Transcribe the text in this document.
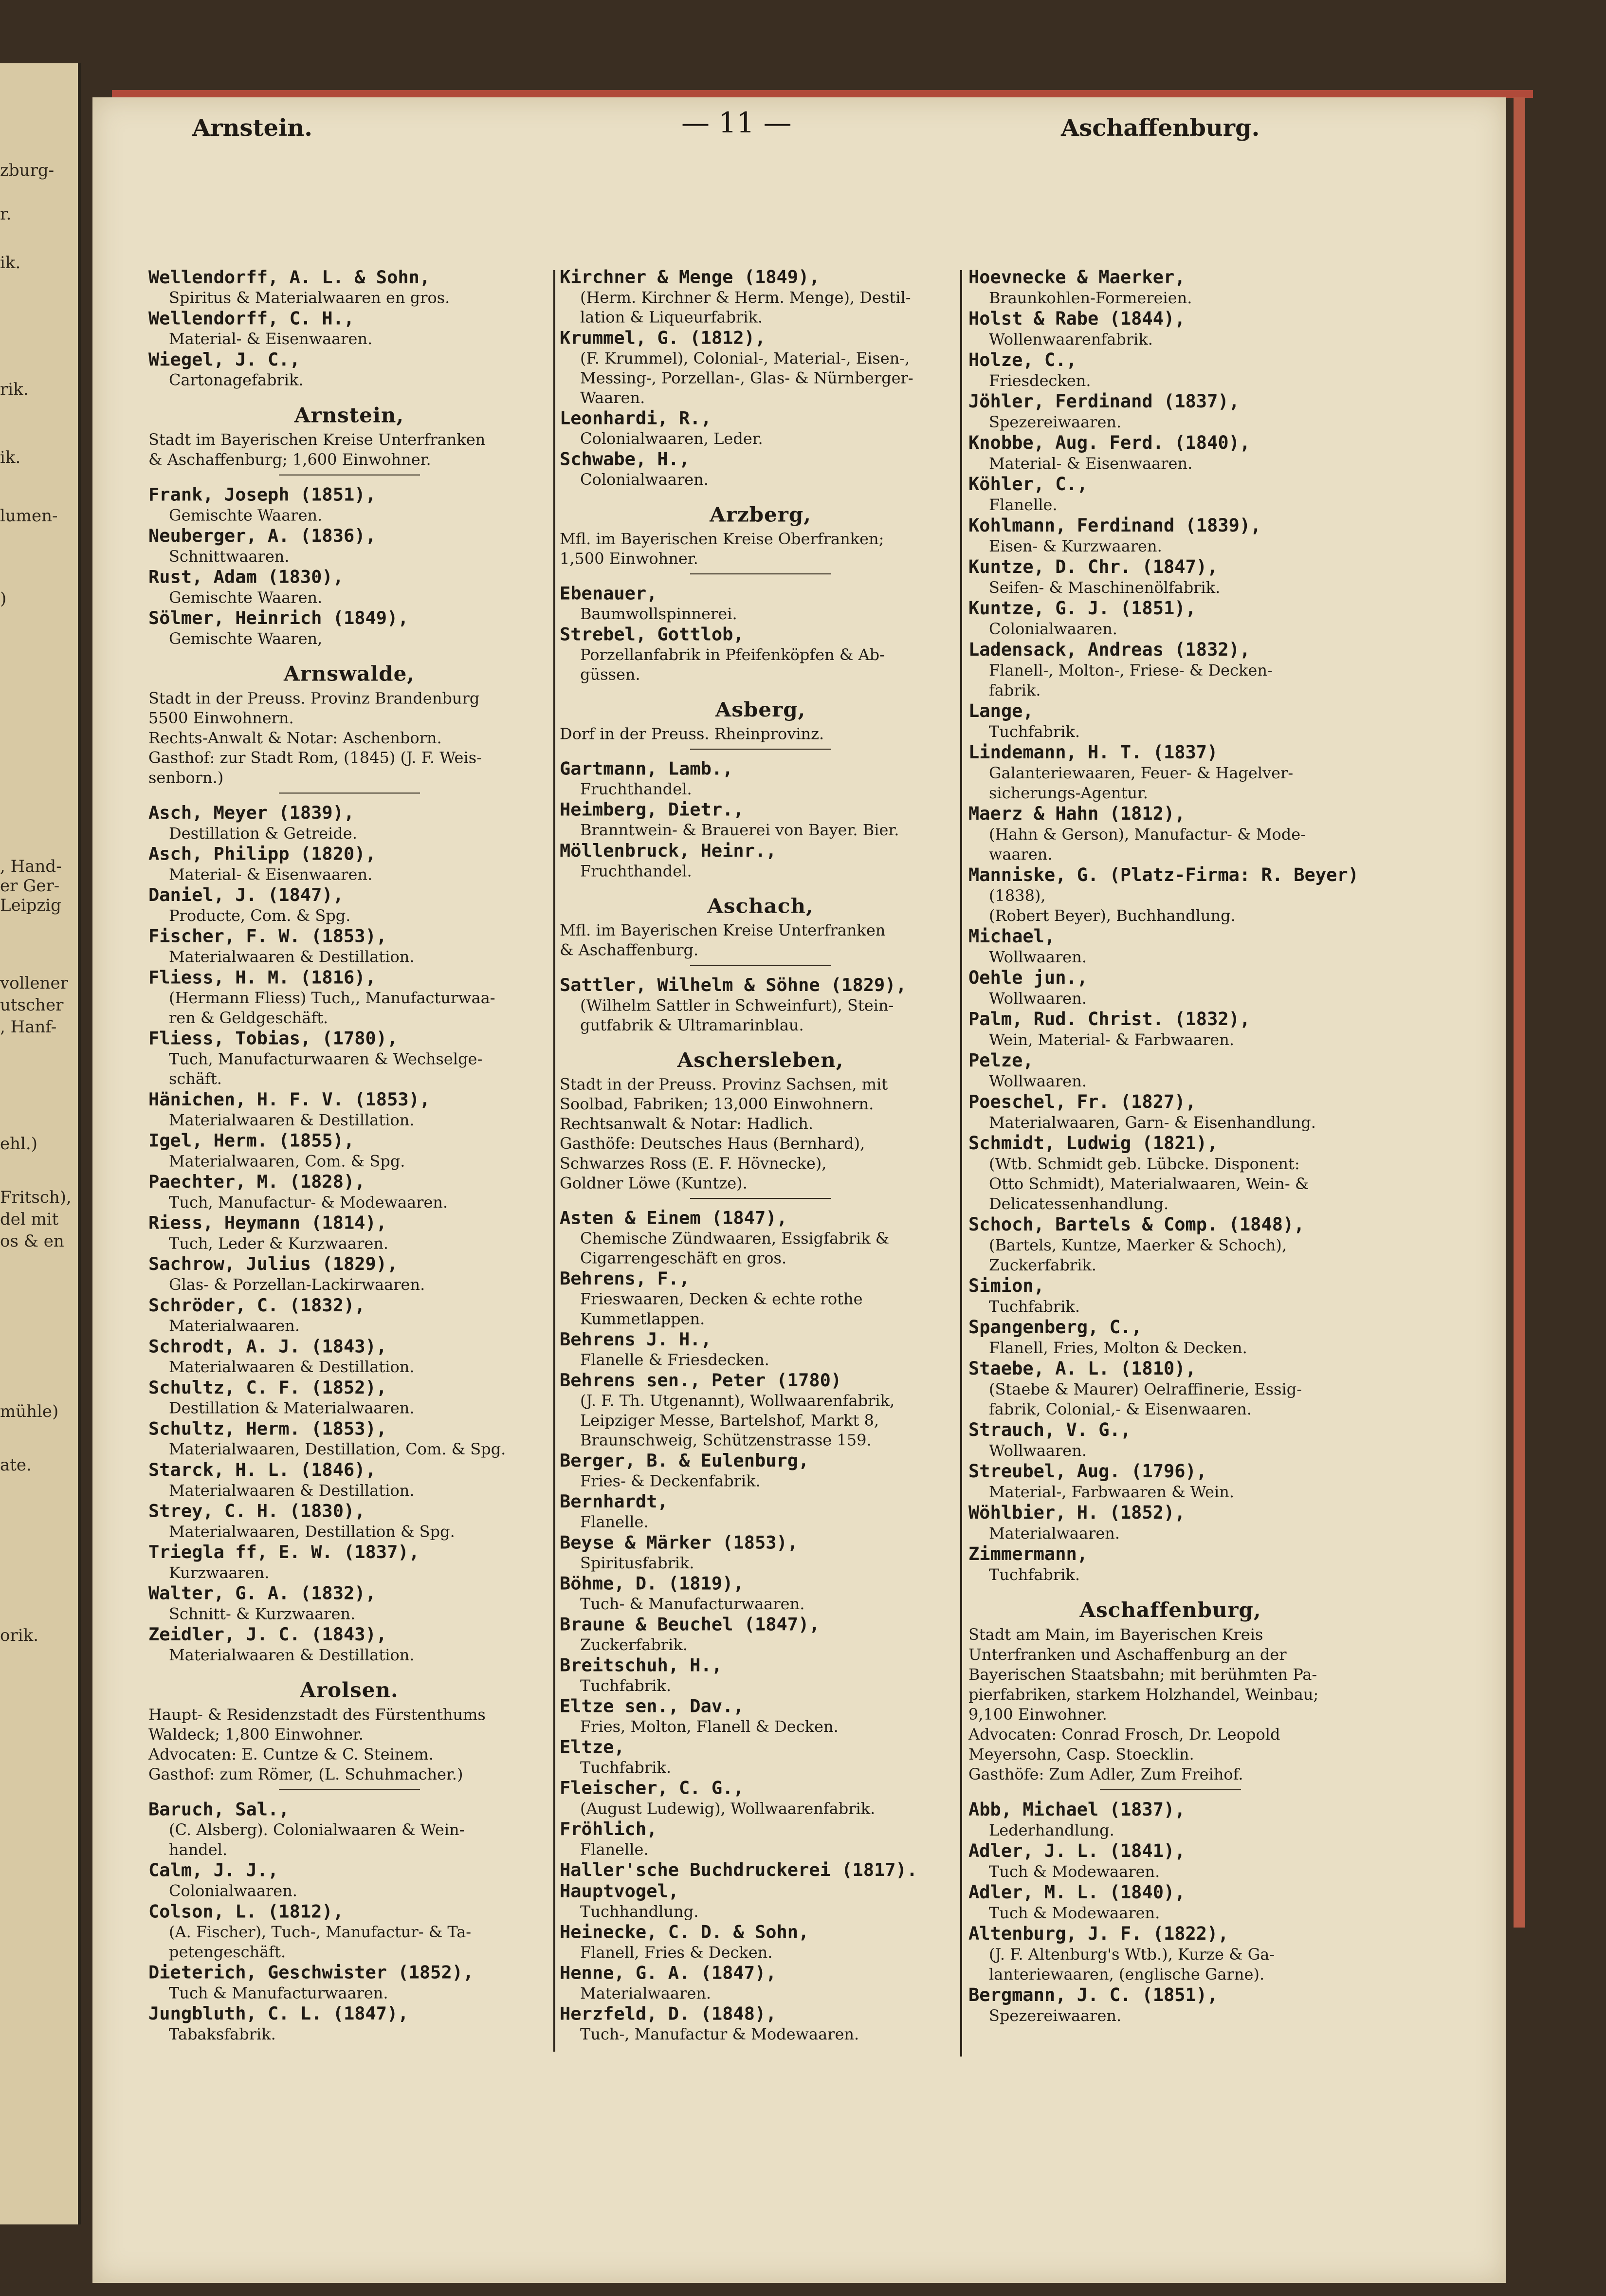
zburg-
r.
ik.
rik.
ik.
lumen-
)
, Hand-
er Ger-
Leipzig
vollener
utscher
, Hanf-
ehl.)
Fritsch),
del mit
os & en
mühle)
ate.
orik.
Arnstein.	— 11 —	Aschaffenburg.
Wellendorff, A. L. & Sohn,
Spiritus & Materialwaaren en gros.
Wellendorff, C. H.,
Material- & Eisenwaaren.
Wiegel, J. C.,
Cartonagefabrik.
Arnstein,
Stadt im Bayerischen Kreise Unterfranken
& Aschaffenburg; 1,600 Einwohner.
Frank, Joseph (1851),
Gemischte Waaren.
Neuberger, A. (1836),
Schnittwaaren.
Rust, Adam (1830),
Gemischte Waaren.
Sölmer, Heinrich (1849),
Gemischte Waaren,
Arnswalde,
Stadt in der Preuss. Provinz Brandenburg
5500 Einwohnern.
Rechts-Anwalt & Notar: Aschenborn.
Gasthof: zur Stadt Rom, (1845) (J. F. Weis-
senborn.)
Asch, Meyer (1839),
Destillation & Getreide.
Asch, Philipp (1820),
Material- & Eisenwaaren.
Daniel, J. (1847),
Producte, Com. & Spg.
Fischer, F. W. (1853),
Materialwaaren & Destillation.
Fliess, H. M. (1816),
(Hermann Fliess) Tuch,, Manufacturwaa-
ren & Geldgeschäft.
Fliess, Tobias, (1780),
Tuch, Manufacturwaaren & Wechselge-
schäft.
Hänichen, H. F. V. (1853),
Materialwaaren & Destillation.
Igel, Herm. (1855),
Materialwaaren, Com. & Spg.
Paechter, M. (1828),
Tuch, Manufactur- & Modewaaren.
Riess, Heymann (1814),
Tuch, Leder & Kurzwaaren.
Sachrow, Julius (1829),
Glas- & Porzellan-Lackirwaaren.
Schröder, C. (1832),
Materialwaaren.
Schrodt, A. J. (1843),
Materialwaaren & Destillation.
Schultz, C. F. (1852),
Destillation & Materialwaaren.
Schultz, Herm. (1853),
Materialwaaren, Destillation, Com. & Spg.
Starck, H. L. (1846),
Materialwaaren & Destillation.
Strey, C. H. (1830),
Materialwaaren, Destillation & Spg.
Triegla ff, E. W. (1837),
Kurzwaaren.
Walter, G. A. (1832),
Schnitt- & Kurzwaaren.
Zeidler, J. C. (1843),
Materialwaaren & Destillation.
Arolsen.
Haupt- & Residenzstadt des Fürstenthums
Waldeck; 1,800 Einwohner.
Advocaten: E. Cuntze & C. Steinem.
Gasthof: zum Römer, (L. Schuhmacher.)
Baruch, Sal.,
(C. Alsberg). Colonialwaaren & Wein-
handel.
Calm, J. J.,
Colonialwaaren.
Colson, L. (1812),
(A. Fischer), Tuch-, Manufactur- & Ta-
petengeschäft.
Dieterich, Geschwister (1852),
Tuch & Manufacturwaaren.
Jungbluth, C. L. (1847),
Tabaksfabrik.
Kirchner & Menge (1849),
(Herm. Kirchner & Herm. Menge), Destil-
lation & Liqueurfabrik.
Krummel, G. (1812),
(F. Krummel), Colonial-, Material-, Eisen-,
Messing-, Porzellan-, Glas- & Nürnberger-
Waaren.
Leonhardi, R.,
Colonialwaaren, Leder.
Schwabe, H.,
Colonialwaaren.
Arzberg,
Mfl. im Bayerischen Kreise Oberfranken;
1,500 Einwohner.
Ebenauer,
Baumwollspinnerei.
Strebel, Gottlob,
Porzellanfabrik in Pfeifenköpfen & Ab-
güssen.
Asberg,
Dorf in der Preuss. Rheinprovinz.
Gartmann, Lamb.,
Fruchthandel.
Heimberg, Dietr.,
Branntwein- & Brauerei von Bayer. Bier.
Möllenbruck, Heinr.,
Fruchthandel.
Aschach,
Mfl. im Bayerischen Kreise Unterfranken
& Aschaffenburg.
Sattler, Wilhelm & Söhne (1829),
(Wilhelm Sattler in Schweinfurt), Stein-
gutfabrik & Ultramarinblau.
Aschersleben,
Stadt in der Preuss. Provinz Sachsen, mit
Soolbad, Fabriken; 13,000 Einwohnern.
Rechtsanwalt & Notar: Hadlich.
Gasthöfe: Deutsches Haus (Bernhard),
Schwarzes Ross (E. F. Hövnecke),
Goldner Löwe (Kuntze).
Asten & Einem (1847),
Chemische Zündwaaren, Essigfabrik &
Cigarrengeschäft en gros.
Behrens, F.,
Frieswaaren, Decken & echte rothe
Kummetlappen.
Behrens J. H.,
Flanelle & Friesdecken.
Behrens sen., Peter (1780)
(J. F. Th. Utgenannt), Wollwaarenfabrik,
Leipziger Messe, Bartelshof, Markt 8,
Braunschweig, Schützenstrasse 159.
Berger, B. & Eulenburg,
Fries- & Deckenfabrik.
Bernhardt,
Flanelle.
Beyse & Märker (1853),
Spiritusfabrik.
Böhme, D. (1819),
Tuch- & Manufacturwaaren.
Braune & Beuchel (1847),
Zuckerfabrik.
Breitschuh, H.,
Tuchfabrik.
Eltze sen., Dav.,
Fries, Molton, Flanell & Decken.
Eltze,
Tuchfabrik.
Fleischer, C. G.,
(August Ludewig), Wollwaarenfabrik.
Fröhlich,
Flanelle.
Haller'sche Buchdruckerei (1817).
Hauptvogel,
Tuchhandlung.
Heinecke, C. D. & Sohn,
Flanell, Fries & Decken.
Henne, G. A. (1847),
Materialwaaren.
Herzfeld, D. (1848),
Tuch-, Manufactur & Modewaaren.
Hoevnecke & Maerker,
Braunkohlen-Formereien.
Holst & Rabe (1844),
Wollenwaarenfabrik.
Holze, C.,
Friesdecken.
Jöhler, Ferdinand (1837),
Spezereiwaaren.
Knobbe, Aug. Ferd. (1840),
Material- & Eisenwaaren.
Köhler, C.,
Flanelle.
Kohlmann, Ferdinand (1839),
Eisen- & Kurzwaaren.
Kuntze, D. Chr. (1847),
Seifen- & Maschinenölfabrik.
Kuntze, G. J. (1851),
Colonialwaaren.
Ladensack, Andreas (1832),
Flanell-, Molton-, Friese- & Decken-
fabrik.
Lange,
Tuchfabrik.
Lindemann, H. T. (1837)
Galanteriewaaren, Feuer- & Hagelver-
sicherungs-Agentur.
Maerz & Hahn (1812),
(Hahn & Gerson), Manufactur- & Mode-
waaren.
Manniske, G. (Platz-Firma: R. Beyer)
(1838),
(Robert Beyer), Buchhandlung.
Michael,
Wollwaaren.
Oehle jun.,
Wollwaaren.
Palm, Rud. Christ. (1832),
Wein, Material- & Farbwaaren.
Pelze,
Wollwaaren.
Poeschel, Fr. (1827),
Materialwaaren, Garn- & Eisenhandlung.
Schmidt, Ludwig (1821),
(Wtb. Schmidt geb. Lübcke. Disponent:
Otto Schmidt), Materialwaaren, Wein- &
Delicatessenhandlung.
Schoch, Bartels & Comp. (1848),
(Bartels, Kuntze, Maerker & Schoch),
Zuckerfabrik.
Simion,
Tuchfabrik.
Spangenberg, C.,
Flanell, Fries, Molton & Decken.
Staebe, A. L. (1810),
(Staebe & Maurer) Oelraffinerie, Essig-
fabrik, Colonial,- & Eisenwaaren.
Strauch, V. G.,
Wollwaaren.
Streubel, Aug. (1796),
Material-, Farbwaaren & Wein.
Wöhlbier, H. (1852),
Materialwaaren.
Zimmermann,
Tuchfabrik.
Aschaffenburg,
Stadt am Main, im Bayerischen Kreis
Unterfranken und Aschaffenburg an der
Bayerischen Staatsbahn; mit berühmten Pa-
pierfabriken, starkem Holzhandel, Weinbau;
9,100 Einwohner.
Advocaten: Conrad Frosch, Dr. Leopold
Meyersohn, Casp. Stoecklin.
Gasthöfe: Zum Adler, Zum Freihof.
Abb, Michael (1837),
Lederhandlung.
Adler, J. L. (1841),
Tuch & Modewaaren.
Adler, M. L. (1840),
Tuch & Modewaaren.
Altenburg, J. F. (1822),
(J. F. Altenburg's Wtb.), Kurze & Ga-
lanteriewaaren, (englische Garne).
Bergmann, J. C. (1851),
Spezereiwaaren.
